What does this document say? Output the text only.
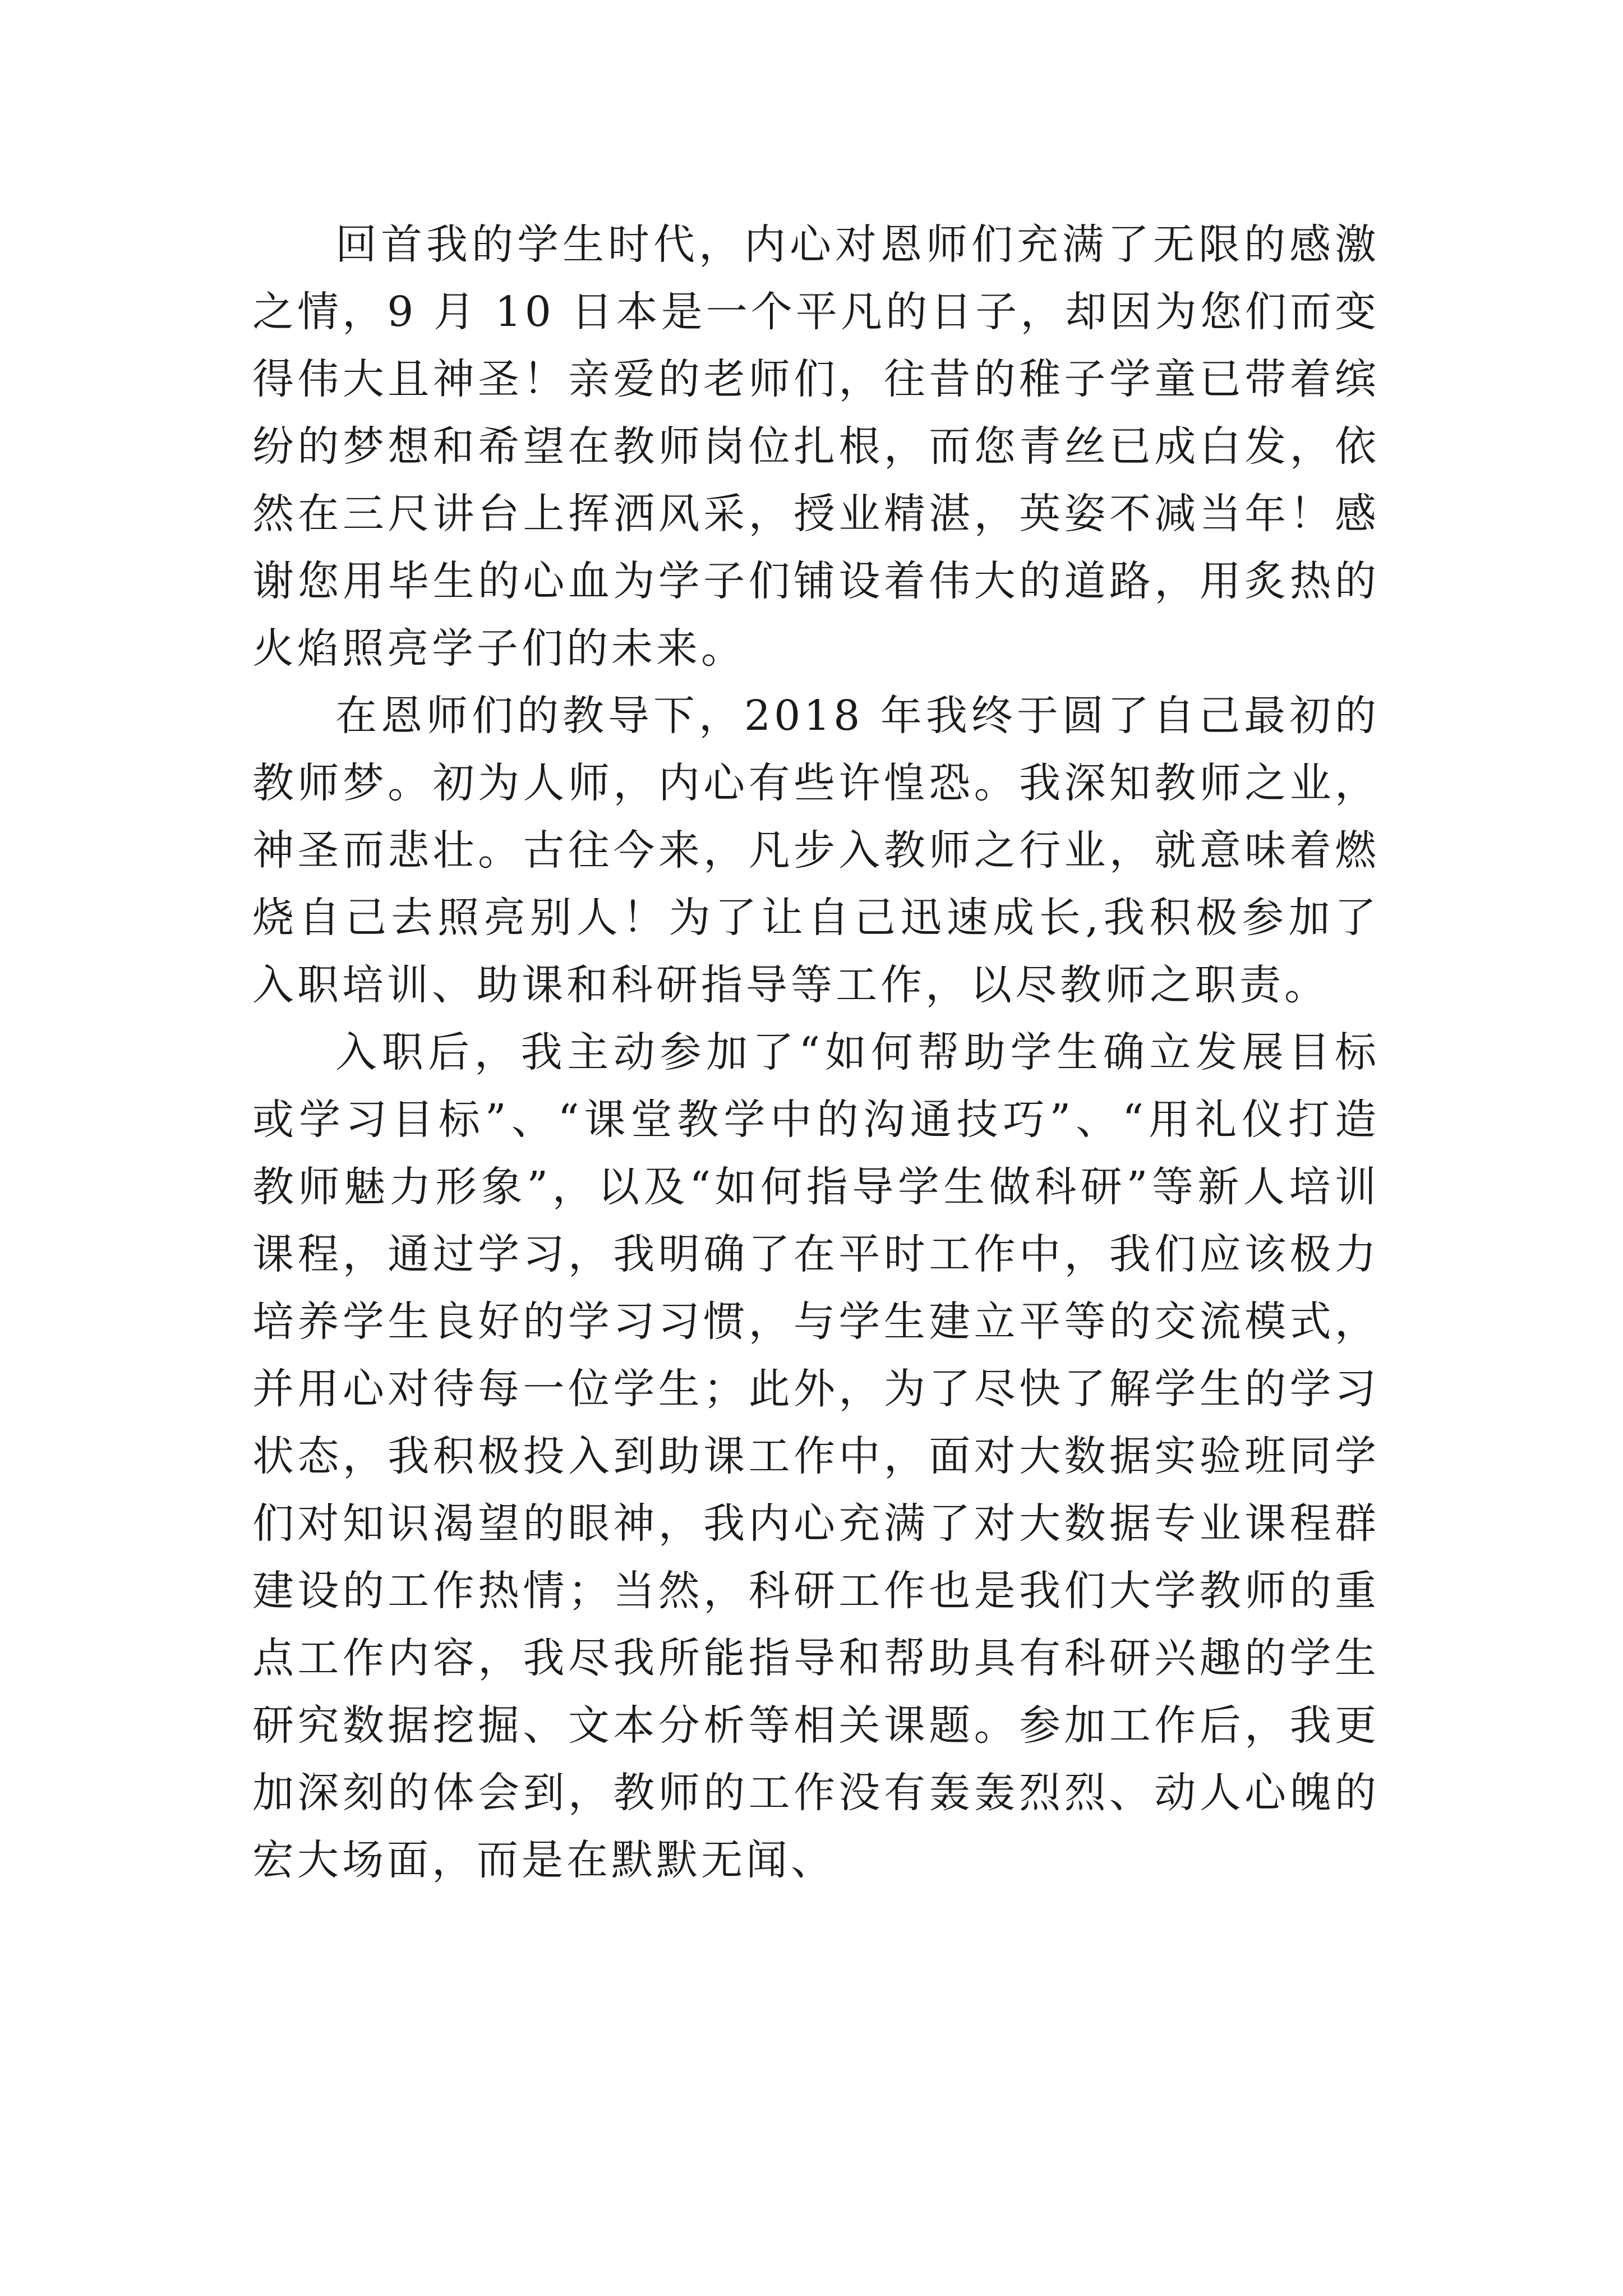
回首我的学生时代，内心对恩师们充满了无限的感激之情，9 月 10 日本是一个平凡的日子，却因为您们而变得伟大且神圣！亲爱的老师们，往昔的稚子学童已带着缤纷的梦想和希望在教师岗位扎根，而您青丝已成白发，依然在三尺讲台上挥洒风采，授业精湛，英姿不减当年！感谢您用毕生的心血为学子们铺设着伟大的道路，用炙热的火焰照亮学子们的未来。

在恩师们的教导下，2018 年我终于圆了自己最初的教师梦。初为人师，内心有些许惶恐。我深知教师之业，神圣而悲壮。古往今来，凡步入教师之行业，就意味着燃烧自己去照亮别人！为了让自己迅速成长,我积极参加了入职培训、助课和科研指导等工作，以尽教师之职责。

入职后，我主动参加了“如何帮助学生确立发展目标或学习目标”、“课堂教学中的沟通技巧”、“用礼仪打造教师魅力形象”，以及“如何指导学生做科研”等新人培训课程，通过学习，我明确了在平时工作中，我们应该极力培养学生良好的学习习惯，与学生建立平等的交流模式，并用心对待每一位学生；此外，为了尽快了解学生的学习状态，我积极投入到助课工作中，面对大数据实验班同学们对知识渴望的眼神，我内心充满了对大数据专业课程群建设的工作热情；当然，科研工作也是我们大学教师的重点工作内容，我尽我所能指导和帮助具有科研兴趣的学生研究数据挖掘、文本分析等相关课题。参加工作后，我更加深刻的体会到，教师的工作没有轰轰烈烈、动人心魄的宏大场面，而是在默默无闻、
